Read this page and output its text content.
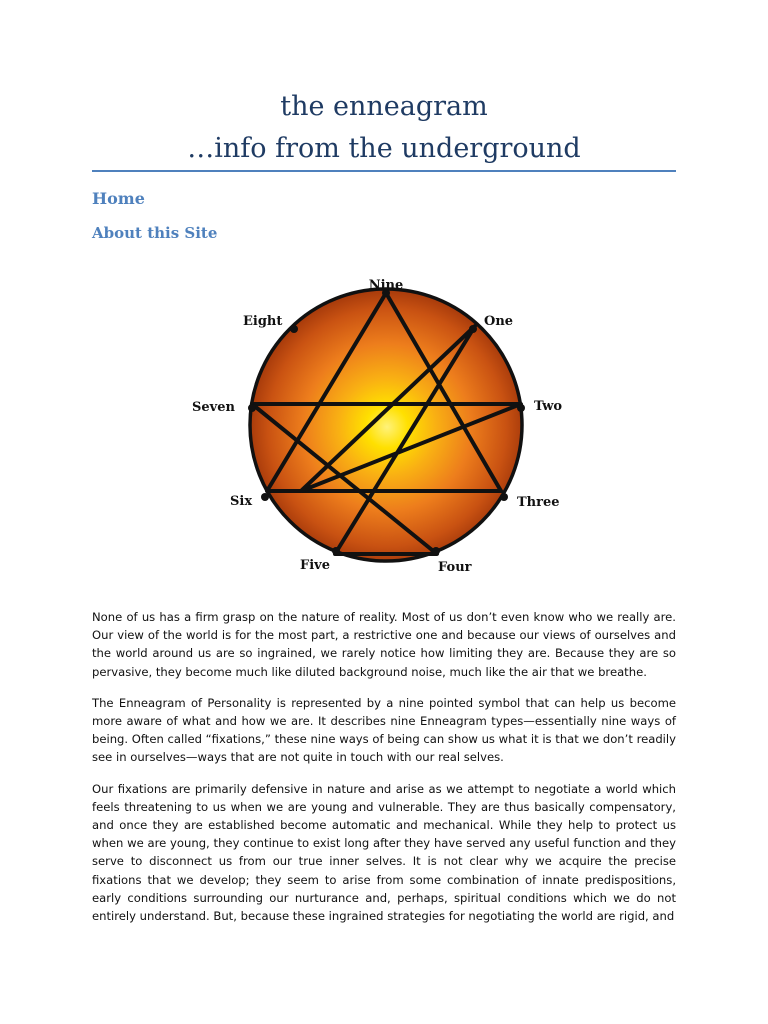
the enneagram
…info from the underground
Home
About this Site
Nine
One
Two
Three
Four
Five
Six
Seven
Eight

None of us has a firm grasp on the nature of reality. Most of us don’t even know who we really are. Our view of the world is for the most part, a restrictive one and because our views of ourselves and the world around us are so ingrained, we rarely notice how limiting they are. Because they are so pervasive, they become much like diluted background noise, much like the air that we breathe.

The Enneagram of Personality is represented by a nine pointed symbol that can help us become more aware of what and how we are. It describes nine Enneagram types—essentially nine ways of being. Often called “fixations,” these nine ways of being can show us what it is that we don’t readily see in ourselves—ways that are not quite in touch with our real selves.

Our fixations are primarily defensive in nature and arise as we attempt to negotiate a world which feels threatening to us when we are young and vulnerable. They are thus basically compensatory, and once they are established become automatic and mechanical. While they help to protect us when we are young, they continue to exist long after they have served any useful function and they serve to disconnect us from our true inner selves. It is not clear why we acquire the precise fixations that we develop; they seem to arise from some combination of innate predispositions, early conditions surrounding our nurturance and, perhaps, spiritual conditions which we do not entirely understand. But, because these ingrained strategies for negotiating the world are rigid, and
